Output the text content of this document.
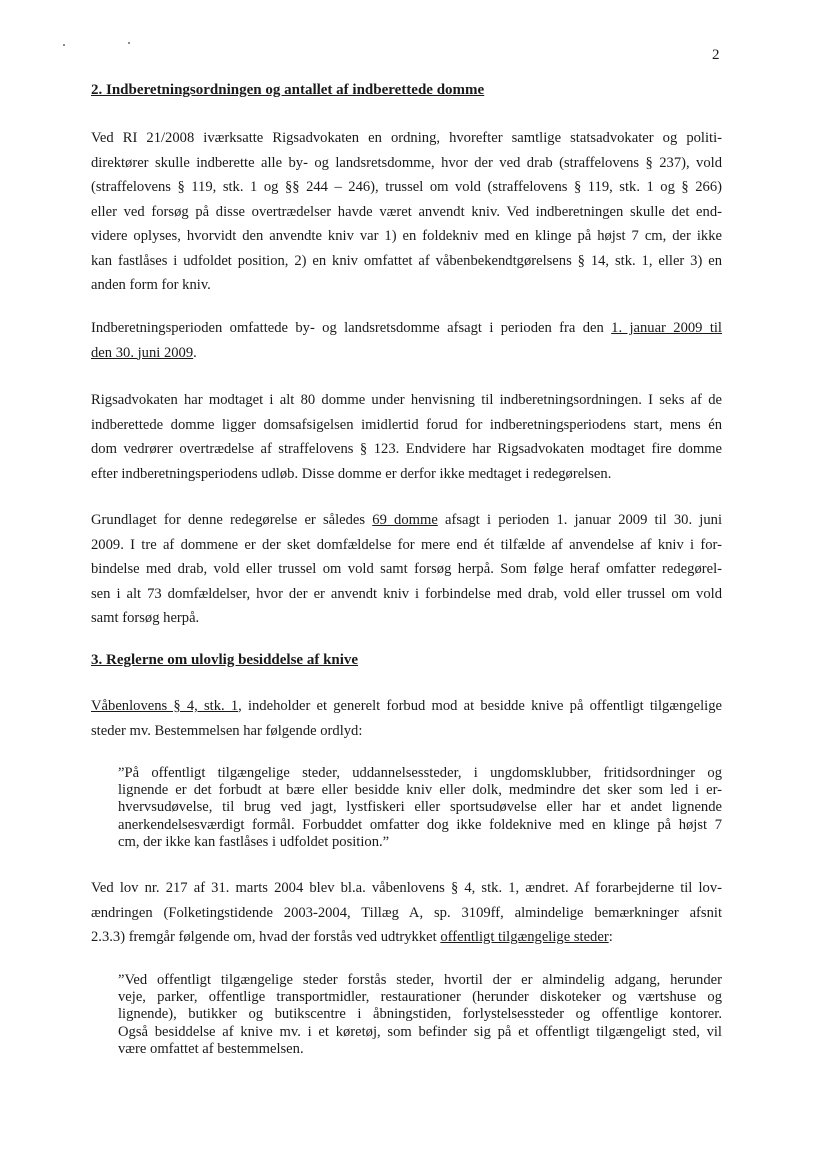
2
2. Indberetningsordningen og antallet af indberettede domme
Ved RI 21/2008 iværksatte Rigsadvokaten en ordning, hvorefter samtlige statsadvokater og politi-
direktører skulle indberette alle by- og landsretsdomme, hvor der ved drab (straffelovens § 237), vold
(straffelovens § 119, stk. 1 og §§ 244 – 246), trussel om vold (straffelovens § 119, stk. 1 og § 266)
eller ved forsøg på disse overtrædelser havde været anvendt kniv. Ved indberetningen skulle det end-
videre oplyses, hvorvidt den anvendte kniv var 1) en foldekniv med en klinge på højst 7 cm, der ikke
kan fastlåses i udfoldet position, 2) en kniv omfattet af våbenbekendtgørelsens § 14, stk. 1, eller 3) en
anden form for kniv.
Indberetningsperioden omfattede by- og landsretsdomme afsagt i perioden fra den 1. januar 2009 til
den 30. juni 2009.
Rigsadvokaten har modtaget i alt 80 domme under henvisning til indberetningsordningen. I seks af de
indberettede domme ligger domsafsigelsen imidlertid forud for indberetningsperiodens start, mens én
dom vedrører overtrædelse af straffelovens § 123. Endvidere har Rigsadvokaten modtaget fire domme
efter indberetningsperiodens udløb. Disse domme er derfor ikke medtaget i redegørelsen.
Grundlaget for denne redegørelse er således 69 domme afsagt i perioden 1. januar 2009 til 30. juni
2009. I tre af dommene er der sket domfældelse for mere end ét tilfælde af anvendelse af kniv i for-
bindelse med drab, vold eller trussel om vold samt forsøg herpå. Som følge heraf omfatter redegørel-
sen i alt 73 domfældelser, hvor der er anvendt kniv i forbindelse med drab, vold eller trussel om vold
samt forsøg herpå.
3. Reglerne om ulovlig besiddelse af knive
Våbenlovens § 4, stk. 1, indeholder et generelt forbud mod at besidde knive på offentligt tilgængelige
steder mv. Bestemmelsen har følgende ordlyd:
”På offentligt tilgængelige steder, uddannelsessteder, i ungdomsklubber, fritidsordninger og
lignende er det forbudt at bære eller besidde kniv eller dolk, medmindre det sker som led i er-
hvervsudøvelse, til brug ved jagt, lystfiskeri eller sportsudøvelse eller har et andet lignende
anerkendelsesværdigt formål. Forbuddet omfatter dog ikke foldeknive med en klinge på højst 7
cm, der ikke kan fastlåses i udfoldet position.”
Ved lov nr. 217 af 31. marts 2004 blev bl.a. våbenlovens § 4, stk. 1, ændret. Af forarbejderne til lov-
ændringen (Folketingstidende 2003-2004, Tillæg A, sp. 3109ff, almindelige bemærkninger afsnit
2.3.3) fremgår følgende om, hvad der forstås ved udtrykket offentligt tilgængelige steder:
”Ved offentligt tilgængelige steder forstås steder, hvortil der er almindelig adgang, herunder
veje, parker, offentlige transportmidler, restaurationer (herunder diskoteker og værtshuse og
lignende), butikker og butikscentre i åbningstiden, forlystelsessteder og offentlige kontorer.
Også besiddelse af knive mv. i et køretøj, som befinder sig på et offentligt tilgængeligt sted, vil
være omfattet af bestemmelsen.
